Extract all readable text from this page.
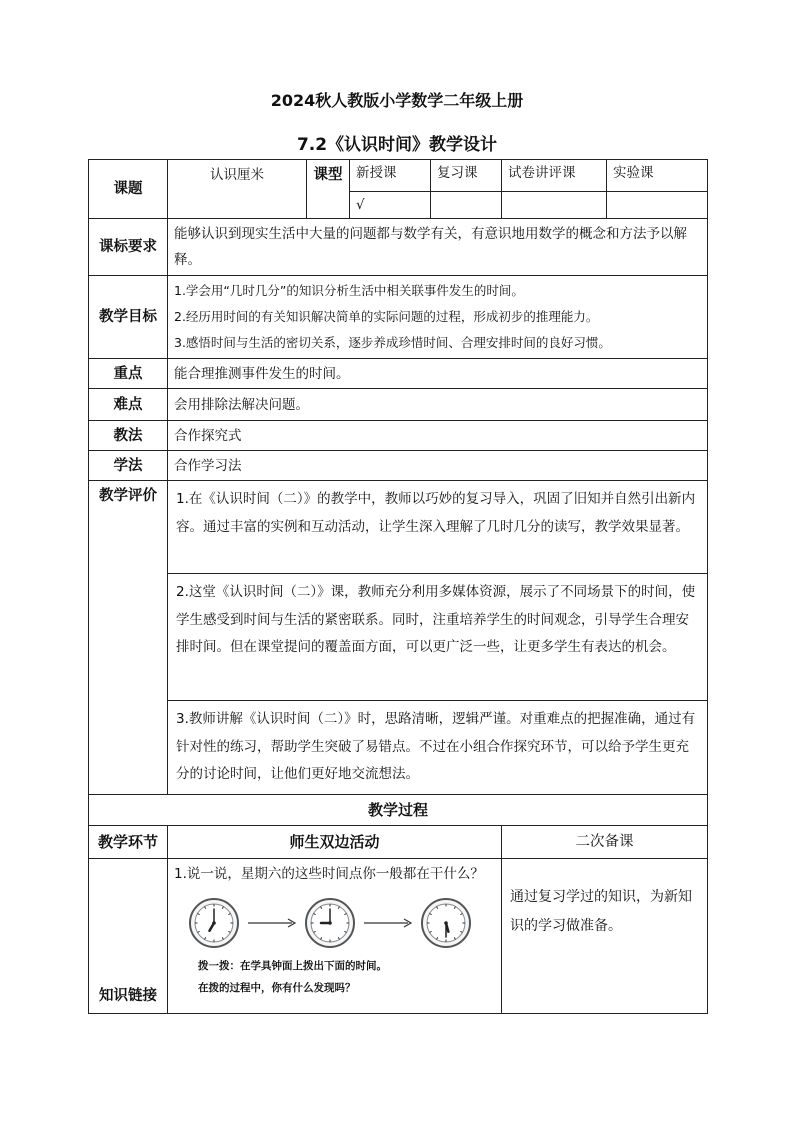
2024秋人教版小学数学二年级上册
7.2《认识时间》教学设计
课题	认识厘米	课型	新授课	复习课	试卷讲评课	实验课
			√			
课标要求	能够认识到现实生活中大量的问题都与数学有关，有意识地用数学的概念和方法予以解释。					
教学目标	1.学会用“几时几分”的知识分析生活中相关联事件发生的时间。
2.经历用时间的有关知识解决简单的实际问题的过程，形成初步的推理能力。
3.感悟时间与生活的密切关系，逐步养成珍惜时间、合理安排时间的良好习惯。					

重点	能合理推测事件发生的时间。					
难点	会用排除法解决问题。					
教法	合作探究式					
学法	合作学习法					
教学评价	1.在《认识时间（二）》的教学中，教师以巧妙的复习导入，巩固了旧知并自然引出新内容。通过丰富的实例和互动活动，让学生深入理解了几时几分的读写，教学效果显著。					
	2.这堂《认识时间（二）》课，教师充分利用多媒体资源，展示了不同场景下的时间，使学生感受到时间与生活的紧密联系。同时，注重培养学生的时间观念，引导学生合理安排时间。但在课堂提问的覆盖面方面，可以更广泛一些，让更多学生有表达的机会。					
	3.教师讲解《认识时间（二）》时，思路清晰，逻辑严谨。对重难点的把握准确，通过有针对性的练习，帮助学生突破了易错点。不过在小组合作探究环节，可以给予学生更充分的讨论时间，让他们更好地交流想法。					
教学过程						
教学环节	师生双边活动				二次备课	
知识链接	1.说一说，星期六的这些时间点你一般都在干什么？
拨一拨：在学具钟面上拨出下面的时间。
在拨的过程中，你有什么发现吗？				通过复习学过的知识，为新知识的学习做准备。	
